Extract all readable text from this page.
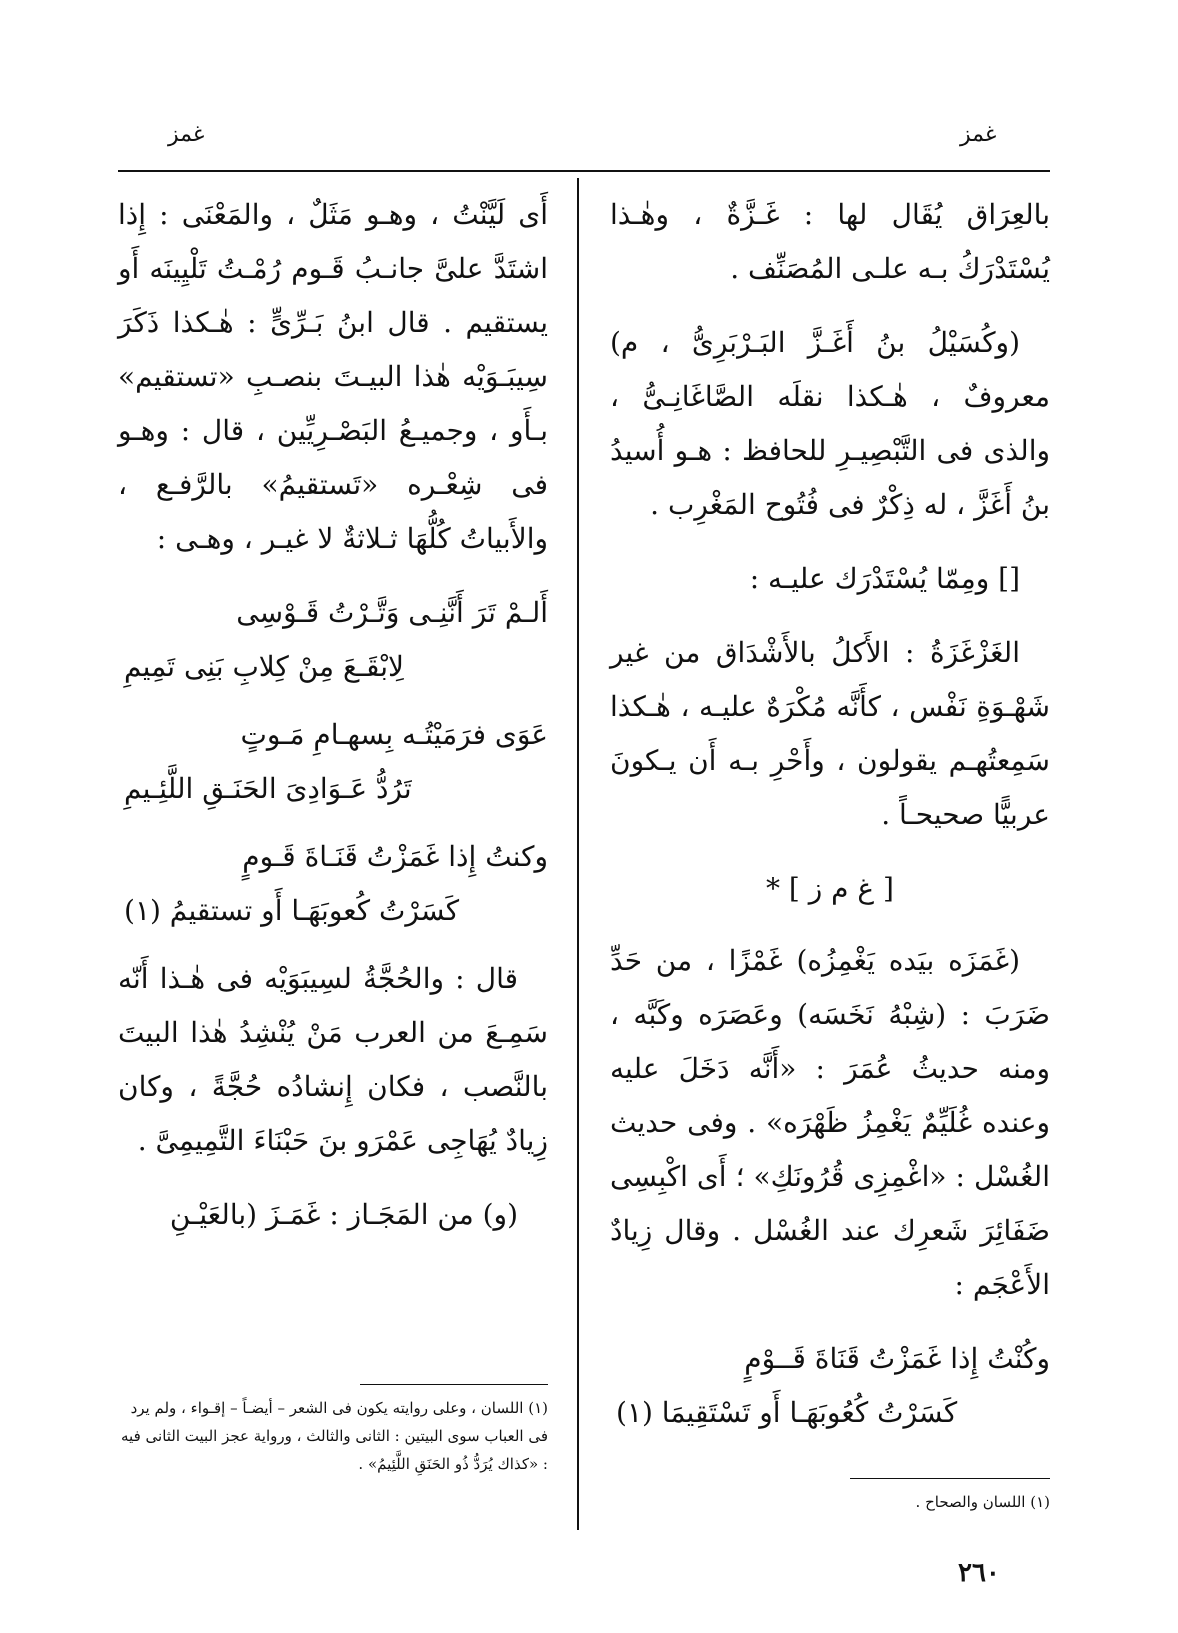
غمز
غمز

بالعِرَاق يُقَال لها : غَـزَّةٌ ، وهٰـذا يُسْتَدْرَكُ بـه علـى المُصَنِّف .

(وكُسَيْلُ بنُ أَغَـزَّ البَـرْبَرِىُّ ، م) معروفٌ ، هٰـكذا نقلَه الصَّاغَانِـىُّ ، والذى فى التَّبْصِيـرِ للحافظ : هـو أُسيدُ بنُ أَغَزَّ ، له ذِكْرٌ فى فُتُوح المَغْرِب .

[] ومِمّا يُسْتَدْرَك عليـه :

الغَزْغَزَةُ : الأَكلُ بالأَشْدَاق من غير شَهْـوَةِ نَفْس ، كأَنَّه مُكْرَهٌ عليـه ، هٰـكذا سَمِعتُهـم يقولون ، وأَحْرِ بـه أَن يـكونَ عربيًّا صحيحـاً .

[ غ م ز ] *

(غَمَزَه بيَده يَغْمِزُه) غَمْزًا ، من حَدِّ ضَرَبَ : (شِبْهُ نَخَسَه) وعَصَرَه وكَبَّه ، ومنه حديثُ عُمَرَ : «أَنَّه دَخَلَ عليه وعنده غُلَيِّمٌ يَغْمِزُ ظَهْرَه» . وفى حديث الغُسْل : «اغْمِزِى قُرُونَكِ» ؛ أَى اكْبِسِى ضَفَائِرَ شَعرِك عند الغُسْل . وقال زِيادٌ الأَعْجَم :

وكُنْتُ إِذا غَمَزْتُ قَنَاةَ قَــوْمٍ
كَسَرْتُ كُعُوبَهَـا أَو تَسْتَقِيمَا (١)

أَى لَيَّنْتُ ، وهـو مَثَلٌ ، والمَعْنَى : إِذا اشتَدَّ علىَّ جانـبُ قَـوم رُمْـتُ تَلْيِينَه أَو يستقيم . قال ابنُ بَـرِّىٍّ : هٰـكذا ذَكَرَ سِيبَـوَيْه هٰذا البيـتَ بنصـبِ «تستقيم» بـأَو ، وجميـعُ البَصْـرِيِّين ، قال : وهـو فى شِعْـره «تَستقيمُ» بالرَّفـع ، والأَبياتُ كُلُّهَا ثـلاثةٌ لا غيـر ، وهـى :

أَلـمْ تَرَ أَنَّنِـى وَتَّـرْتُ قَـوْسِى
لِابْقَـعَ مِنْ كِلابِ بَنِى تَمِيمِ
عَوَى فرَمَيْتُـه بِسهـامِ مَـوتٍ
تَرُدُّ عَـوَادِىَ الحَنَـقِ اللَّئِـيمِ
وكنتُ إِذا غَمَزْتُ قَنَـاةَ قَـومٍ
كَسَرْتُ كُعوبَهَـا أَو تستقيمُ (١)

قال : والحُجَّةُ لسِيبَوَيْه فى هٰـذا أَنّه سَمِـعَ من العرب مَنْ يُنْشِدُ هٰذا البيتَ بالنَّصب ، فكان إِنشادُه حُجَّةً ، وكان زِيادٌ يُهَاجِى عَمْرَو بنَ حَبْنَاءَ التَّمِيمِىَّ .

(و) من المَجَـاز : غَمَـزَ (بالعَيْـنِ

(١) اللسان ، وعلى روايته يكون فى الشعر – أيضـاً – إقـواء ، ولم يرد فى العباب سوى البيتين : الثانى والثالث ، ورواية عجز البيت الثانى فيه : «كذاك يُرَدُّ ذُو الحَنَقِ اللَّئِيمُ» .
(١) اللسان والصحاح .
٢٦٠
